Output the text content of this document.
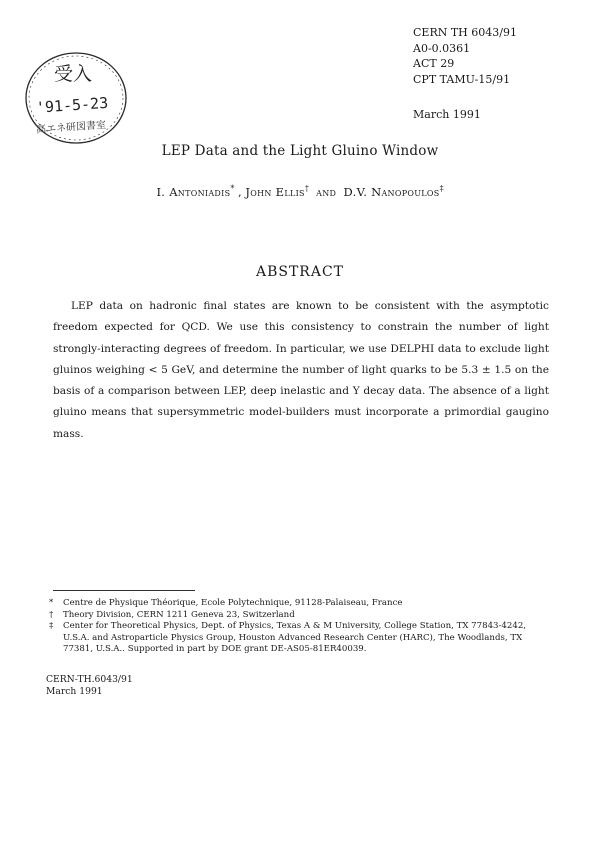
CERN TH 6043/91
A0-0.0361
ACT 29
CPT TAMU-15/91
March 1991
受入
'91-5-23
高エネ研図書室
LEP Data and the Light Gluino Window
I. Antoniadis* , John Ellis† and D.V. Nanopoulos‡
ABSTRACT
LEP data on hadronic final states are known to be consistent with the asymptotic freedom expected for QCD. We use this consistency to constrain the number of light strongly-interacting degrees of freedom. In particular, we use DELPHI data to exclude light gluinos weighing < 5 GeV, and determine the number of light quarks to be 5.3 ± 1.5 on the basis of a comparison between LEP, deep inelastic and Υ decay data. The absence of a light gluino means that supersymmetric model-builders must incorporate a primordial gaugino mass.
* Centre de Physique Théorique, Ecole Polytechnique, 91128-Palaiseau, France
† Theory Division, CERN 1211 Geneva 23, Switzerland
‡ Center for Theoretical Physics, Dept. of Physics, Texas A & M University, College Station, TX 77843-4242, U.S.A. and Astroparticle Physics Group, Houston Advanced Research Center (HARC), The Woodlands, TX 77381, U.S.A.. Supported in part by DOE grant DE-AS05-81ER40039.
CERN-TH.6043/91
March 1991
